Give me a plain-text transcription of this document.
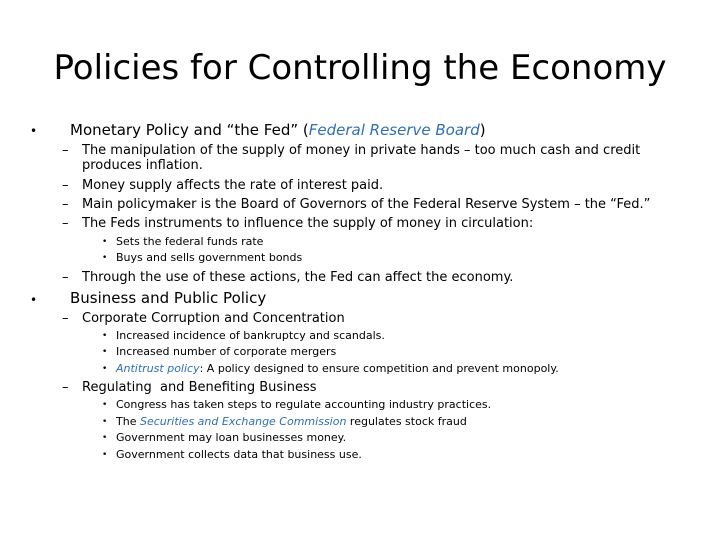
Policies for Controlling the Economy
• Monetary Policy and “the Fed” (Federal Reserve Board)
– The manipulation of the supply of money in private hands – too much cash and credit produces inflation.
– Money supply affects the rate of interest paid.
– Main policymaker is the Board of Governors of the Federal Reserve System – the “Fed.”
– The Feds instruments to influence the supply of money in circulation:
• Sets the federal funds rate
• Buys and sells government bonds
– Through the use of these actions, the Fed can affect the economy.
• Business and Public Policy
– Corporate Corruption and Concentration
• Increased incidence of bankruptcy and scandals.
• Increased number of corporate mergers
• Antitrust policy: A policy designed to ensure competition and prevent monopoly.
– Regulating  and Benefiting Business
• Congress has taken steps to regulate accounting industry practices.
• The Securities and Exchange Commission regulates stock fraud
• Government may loan businesses money.
• Government collects data that business use.
